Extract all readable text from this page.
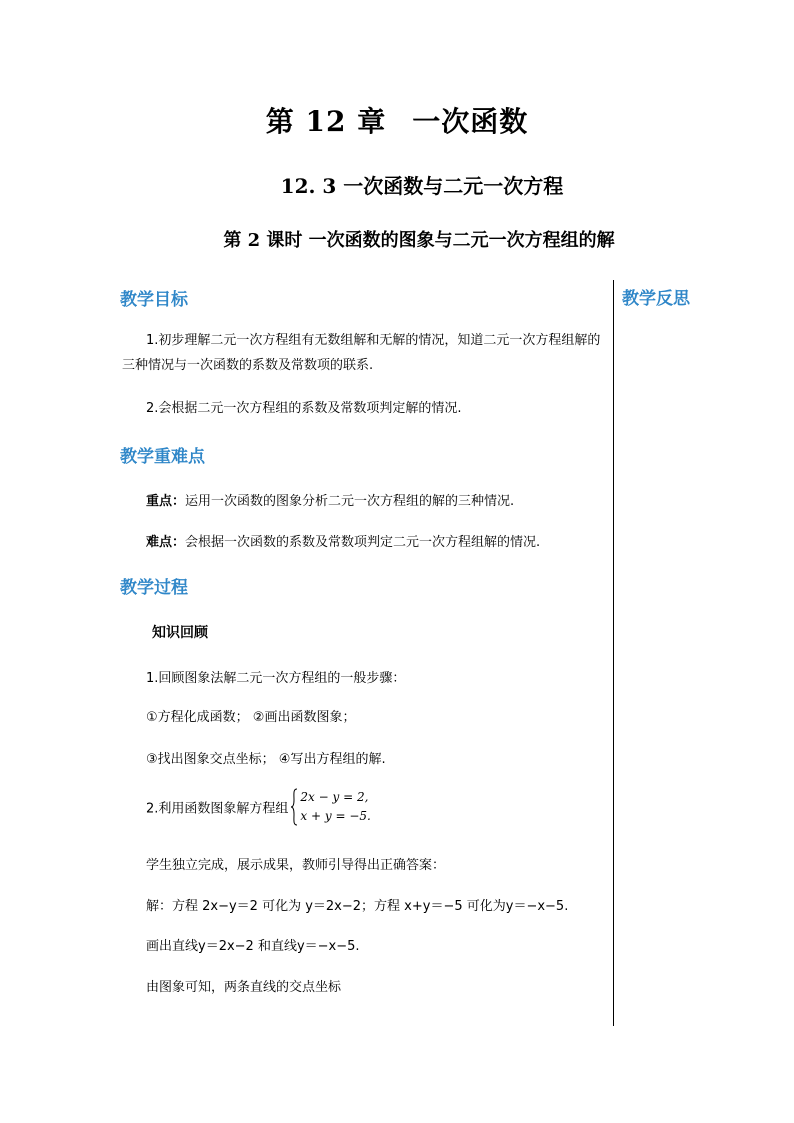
第 12 章 一次函数
12. 3 一次函数与二元一次方程
第 2 课时 一次函数的图象与二元一次方程组的解
教学反思
教学目标
1.初步理解二元一次方程组有无数组解和无解的情况，知道二元一次方程组解的三种情况与一次函数的系数及常数项的联系.
2.会根据二元一次方程组的系数及常数项判定解的情况.
教学重难点
重点：运用一次函数的图象分析二元一次方程组的解的三种情况.
难点：会根据一次函数的系数及常数项判定二元一次方程组解的情况.
教学过程
知识回顾
1.回顾图象法解二元一次方程组的一般步骤：
①方程化成函数； ②画出函数图象；
③找出图象交点坐标； ④写出方程组的解.
2.利用函数图象解方程组
2x − y = 2,
x + y = −5.
学生独立完成，展示成果，教师引导得出正确答案：
解：方程 2x−y＝2 可化为 y＝2x−2；方程 x+y＝−5 可化为y＝−x−5.
画出直线y＝2x−2 和直线y＝−x−5.
由图象可知，两条直线的交点坐标
